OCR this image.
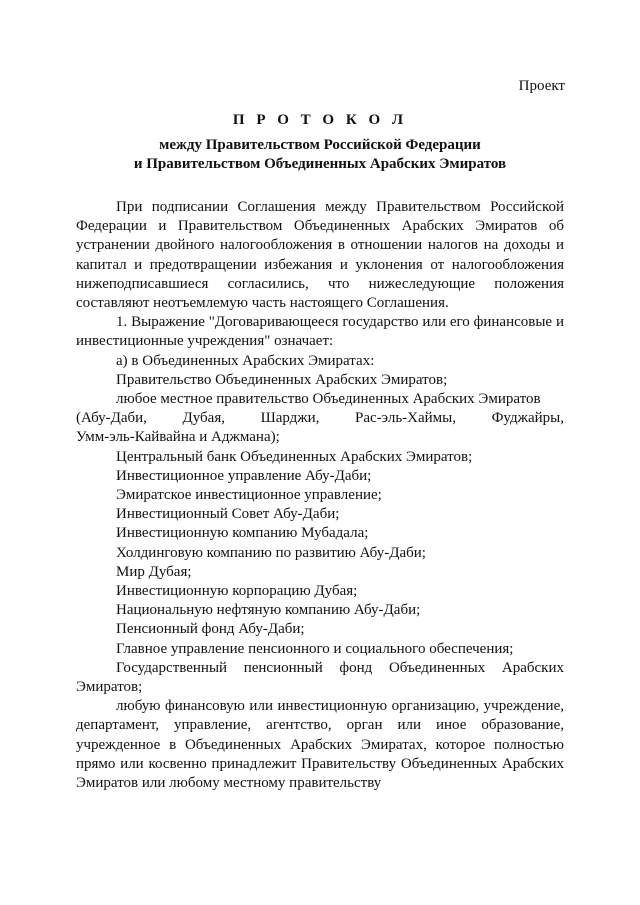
Проект
П Р О Т О К О Л
между Правительством Российской Федерации
и Правительством Объединенных Арабских Эмиратов

При подписании Соглашения между Правительством Российской Федерации и Правительством Объединенных Арабских Эмиратов об устранении двойного налогообложения в отношении налогов на доходы и капитал и предотвращении избежания и уклонения от налогообложения нижеподписавшиеся согласились, что нижеследующие положения составляют неотъемлемую часть настоящего Соглашения.

1. Выражение "Договаривающееся государство или его финансовые и инвестиционные учреждения" означает:

а) в Объединенных Арабских Эмиратах:

Правительство Объединенных Арабских Эмиратов;

любое местное правительство Объединенных Арабских Эмиратов

(Абу-Даби, Дубая, Шарджи, Рас-эль-Хаймы, Фуджайры,
Умм-эль-Кайвайна и Аджмана);

Центральный банк Объединенных Арабских Эмиратов;

Инвестиционное управление Абу-Даби;

Эмиратское инвестиционное управление;

Инвестиционный Совет Абу-Даби;

Инвестиционную компанию Мубадала;

Холдинговую компанию по развитию Абу-Даби;

Мир Дубая;

Инвестиционную корпорацию Дубая;

Национальную нефтяную компанию Абу-Даби;

Пенсионный фонд Абу-Даби;

Главное управление пенсионного и социального обеспечения;

Государственный пенсионный фонд Объединенных Арабских Эмиратов;

любую финансовую или инвестиционную организацию, учреждение, департамент, управление, агентство, орган или иное образование, учрежденное в Объединенных Арабских Эмиратах, которое полностью прямо или косвенно принадлежит Правительству Объединенных Арабских Эмиратов или любому местному правительству
